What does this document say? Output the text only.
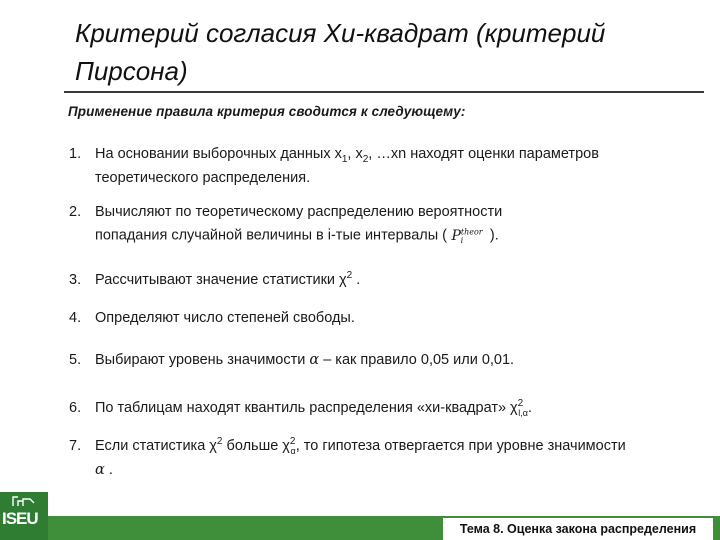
Критерий согласия Хи-квадрат (критерий Пирсона)
Применение правила критерия сводится к следующему:
1. На основании выборочных данных $x_1$, $x_2$, …xn находят оценки параметров
теоретического распределения.
2. Вычисляют по теоретическому распределению вероятности
попадания случайной величины в i-тые интервалы ( $P^{theor}_i$ ).
3. Рассчитывают значение статистики $\chi^2$ .
4. Определяют число степеней свободы.
5. Выбирают уровень значимости α – как правило 0,05 или 0,01.
6. По таблицам находят квантиль распределения «хи-квадрат» $\chi^2_{l,\alpha}$.
7. Если статистика $\chi^2$ больше $\chi^2_\alpha$, то гипотеза отвергается при уровне значимости
α .
Тема 8. Оценка закона распределения
ISEU
